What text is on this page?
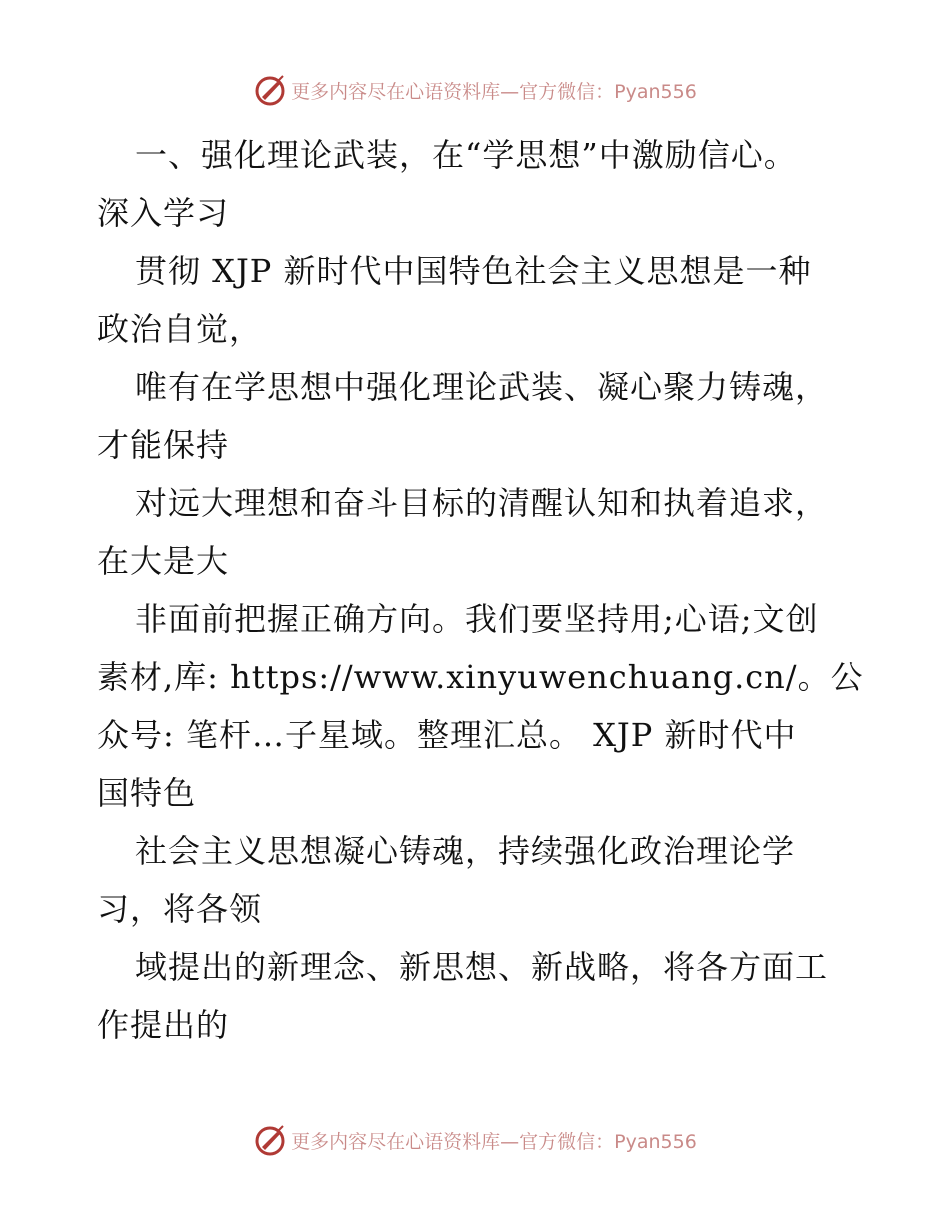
更多内容尽在心语资料库—官方微信：Pyan556
一、强化理论武装，在“学思想”中激励信心。
深入学习
贯彻 XJP 新时代中国特色社会主义思想是一种
政治自觉，
唯有在学思想中强化理论武装、凝心聚力铸魂，
才能保持
对远大理想和奋斗目标的清醒认知和执着追求，
在大是大
非面前把握正确方向。我们要坚持用;心语;文创
素材,库: https://www.xinyuwenchuang.cn/。公
众号: 笔杆…子星域。整理汇总。 XJP 新时代中
国特色
社会主义思想凝心铸魂，持续强化政治理论学
习，将各领
域提出的新理念、新思想、新战略，将各方面工
作提出的
更多内容尽在心语资料库—官方微信：Pyan556
